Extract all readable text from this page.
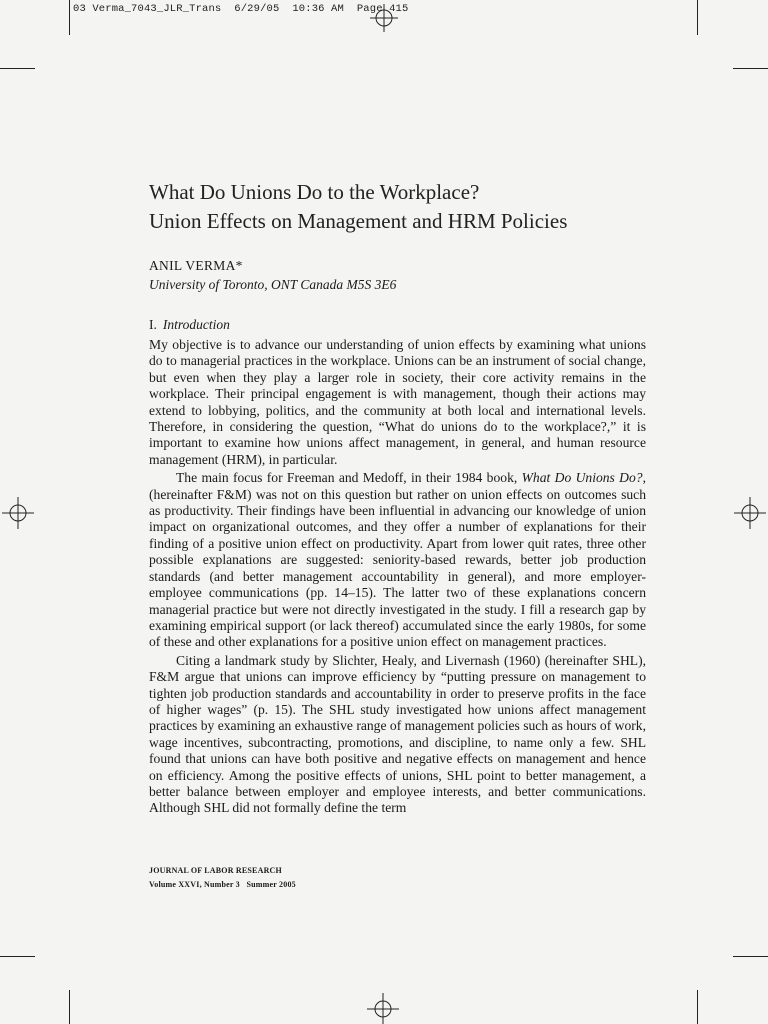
03 Verma_7043_JLR_Trans  6/29/05  10:36 AM  Page 415
What Do Unions Do to the Workplace?
Union Effects on Management and HRM Policies
ANIL VERMA*
University of Toronto, ONT Canada M5S 3E6
I. Introduction

My objective is to advance our understanding of union effects by examining what unions do to managerial practices in the workplace. Unions can be an instrument of social change, but even when they play a larger role in society, their core activity remains in the workplace. Their principal engagement is with management, though their actions may extend to lobbying, politics, and the community at both local and international levels. Therefore, in considering the question, “What do unions do to the workplace?,” it is important to examine how unions affect management, in general, and human resource management (HRM), in particular.

The main focus for Freeman and Medoff, in their 1984 book, What Do Unions Do?, (hereinafter F&M) was not on this question but rather on union effects on outcomes such as productivity. Their findings have been influential in advancing our knowledge of union impact on organizational outcomes, and they offer a number of explanations for their finding of a positive union effect on productivity. Apart from lower quit rates, three other possible explanations are suggested: seniority-based rewards, better job production standards (and better management accountability in general), and more employer-employee communications (pp. 14–15). The latter two of these explanations concern managerial practice but were not directly investigated in the study. I fill a research gap by examining empirical support (or lack thereof) accumulated since the early 1980s, for some of these and other explanations for a positive union effect on management practices.

Citing a landmark study by Slichter, Healy, and Livernash (1960) (hereinafter SHL), F&M argue that unions can improve efficiency by “putting pressure on management to tighten job production standards and accountability in order to preserve profits in the face of higher wages” (p. 15). The SHL study investigated how unions affect management practices by examining an exhaustive range of management policies such as hours of work, wage incentives, subcontracting, promotions, and discipline, to name only a few. SHL found that unions can have both positive and negative effects on management and hence on efficiency. Among the positive effects of unions, SHL point to better management, a better balance between employer and employee interests, and better communications. Although SHL did not formally define the term

JOURNAL OF LABOR RESEARCH
Volume XXVI, Number 3   Summer 2005
